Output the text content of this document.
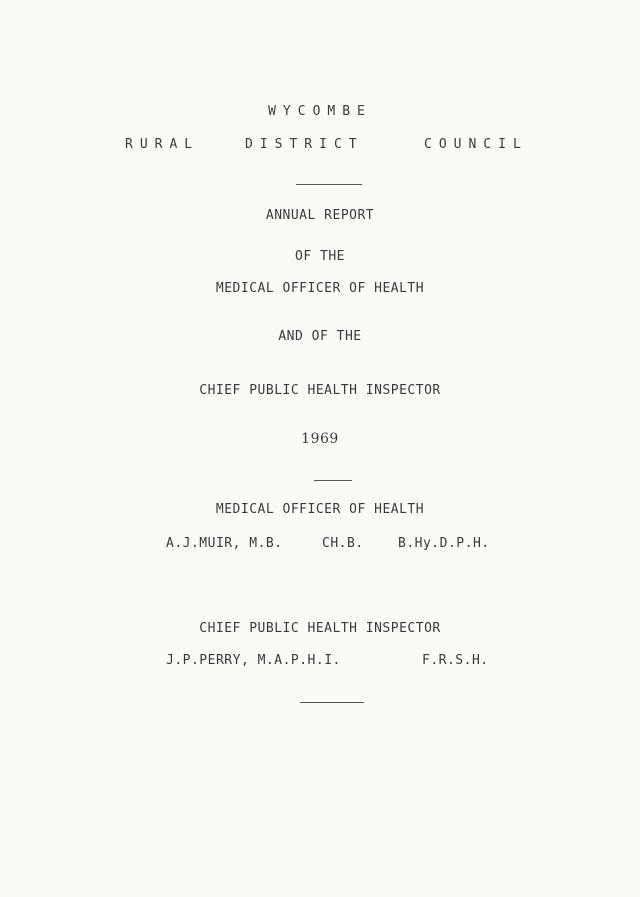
WYCOMBE
RURAL	DISTRICT	COUNCIL
ANNUAL REPORT
OF THE
MEDICAL OFFICER OF HEALTH
AND OF THE
CHIEF PUBLIC HEALTH INSPECTOR
1969
MEDICAL OFFICER OF HEALTH
A.J.MUIR, M.B.	CH.B.	B.Hy.D.P.H.
CHIEF PUBLIC HEALTH INSPECTOR
J.P.PERRY, M.A.P.H.I.	F.R.S.H.
